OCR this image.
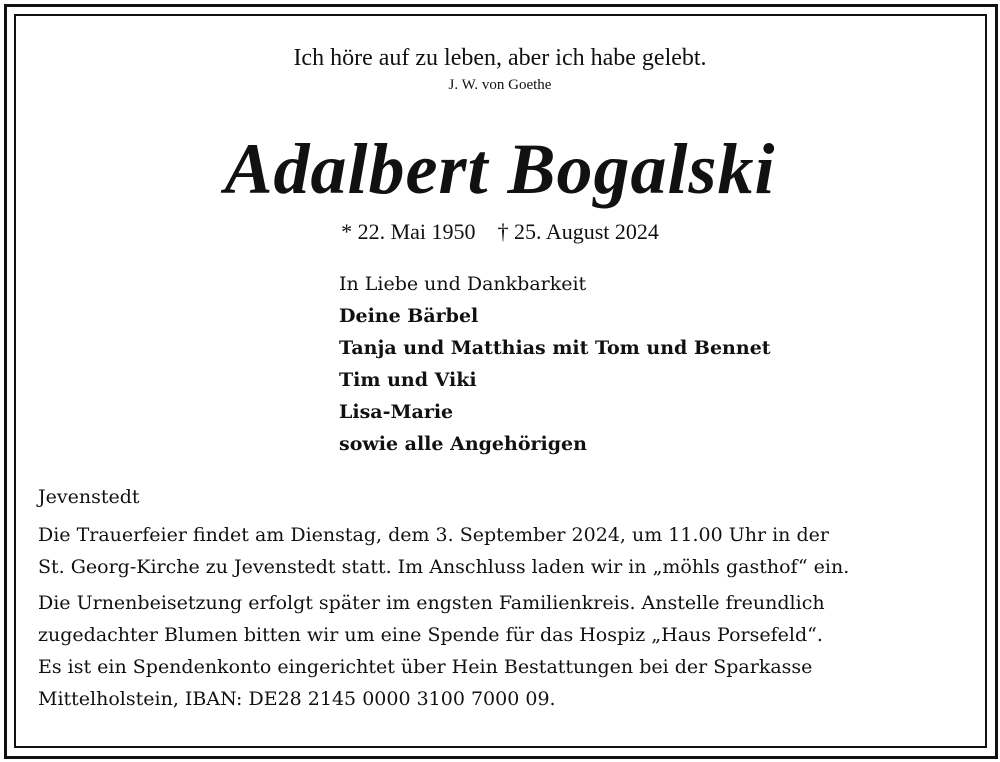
Ich höre auf zu leben, aber ich habe gelebt.
J. W. von Goethe
Adalbert Bogalski
* 22. Mai 1950 † 25. August 2024
In Liebe und Dankbarkeit
Deine Bärbel
Tanja und Matthias mit Tom und Bennet
Tim und Viki
Lisa-Marie
sowie alle Angehörigen

Jevenstedt

Die Trauerfeier findet am Dienstag, dem 3. September 2024, um 11.00 Uhr in der
St. Georg-Kirche zu Jevenstedt statt. Im Anschluss laden wir in „möhls gasthof“ ein.

Die Urnenbeisetzung erfolgt später im engsten Familienkreis. Anstelle freundlich
zugedachter Blumen bitten wir um eine Spende für das Hospiz „Haus Porsefeld“.
Es ist ein Spendenkonto eingerichtet über Hein Bestattungen bei der Sparkasse
Mittelholstein, IBAN: DE28 2145 0000 3100 7000 09.
